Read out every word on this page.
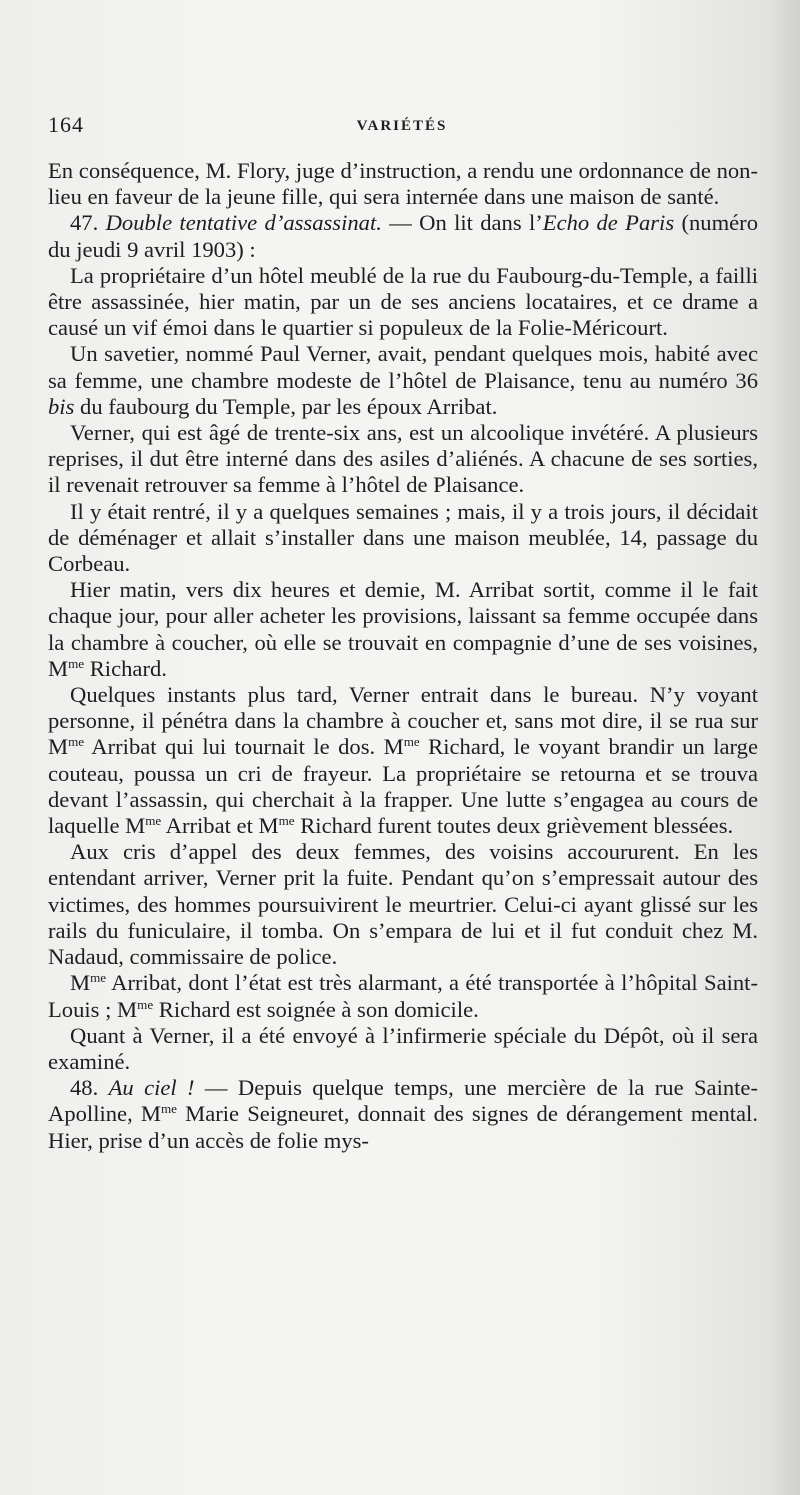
164	VARIÉTÉS

En conséquence, M. Flory, juge d’instruction, a rendu une ordonnance de non-lieu en faveur de la jeune fille, qui sera internée dans une maison de santé.

47. Double tentative d’assassinat. — On lit dans l’Echo de Paris (numéro du jeudi 9 avril 1903) :

La propriétaire d’un hôtel meublé de la rue du Faubourg-du-Temple, a failli être assassinée, hier matin, par un de ses anciens locataires, et ce drame a causé un vif émoi dans le quartier si populeux de la Folie-Méricourt.

Un savetier, nommé Paul Verner, avait, pendant quelques mois, habité avec sa femme, une chambre modeste de l’hôtel de Plaisance, tenu au numéro 36 bis du faubourg du Temple, par les époux Arribat.

Verner, qui est âgé de trente-six ans, est un alcoolique invétéré. A plusieurs reprises, il dut être interné dans des asiles d’aliénés. A chacune de ses sorties, il revenait retrouver sa femme à l’hôtel de Plaisance.

Il y était rentré, il y a quelques semaines ; mais, il y a trois jours, il décidait de déménager et allait s’installer dans une maison meublée, 14, passage du Corbeau.

Hier matin, vers dix heures et demie, M. Arribat sortit, comme il le fait chaque jour, pour aller acheter les provisions, laissant sa femme occupée dans la chambre à coucher, où elle se trouvait en compagnie d’une de ses voisines, $M^{me}$ Richard.

Quelques instants plus tard, Verner entrait dans le bureau. N’y voyant personne, il pénétra dans la chambre à coucher et, sans mot dire, il se rua sur $M^{me}$ Arribat qui lui tournait le dos. $M^{me}$ Richard, le voyant brandir un large couteau, poussa un cri de frayeur. La propriétaire se retourna et se trouva devant l’assassin, qui cherchait à la frapper. Une lutte s’engagea au cours de laquelle $M^{me}$ Arribat et $M^{me}$ Richard furent toutes deux grièvement blessées.

Aux cris d’appel des deux femmes, des voisins accoururent. En les entendant arriver, Verner prit la fuite. Pendant qu’on s’empressait autour des victimes, des hommes poursuivirent le meurtrier. Celui-ci ayant glissé sur les rails du funiculaire, il tomba. On s’empara de lui et il fut conduit chez M. Nadaud, commissaire de police.

$M^{me}$ Arribat, dont l’état est très alarmant, a été transportée à l’hôpital Saint-Louis ; $M^{me}$ Richard est soignée à son domicile.

Quant à Verner, il a été envoyé à l’infirmerie spéciale du Dépôt, où il sera examiné.

48. Au ciel ! — Depuis quelque temps, une mercière de la rue Sainte-Apolline, $M^{me}$ Marie Seigneuret, donnait des signes de dérangement mental. Hier, prise d’un accès de folie mys-
